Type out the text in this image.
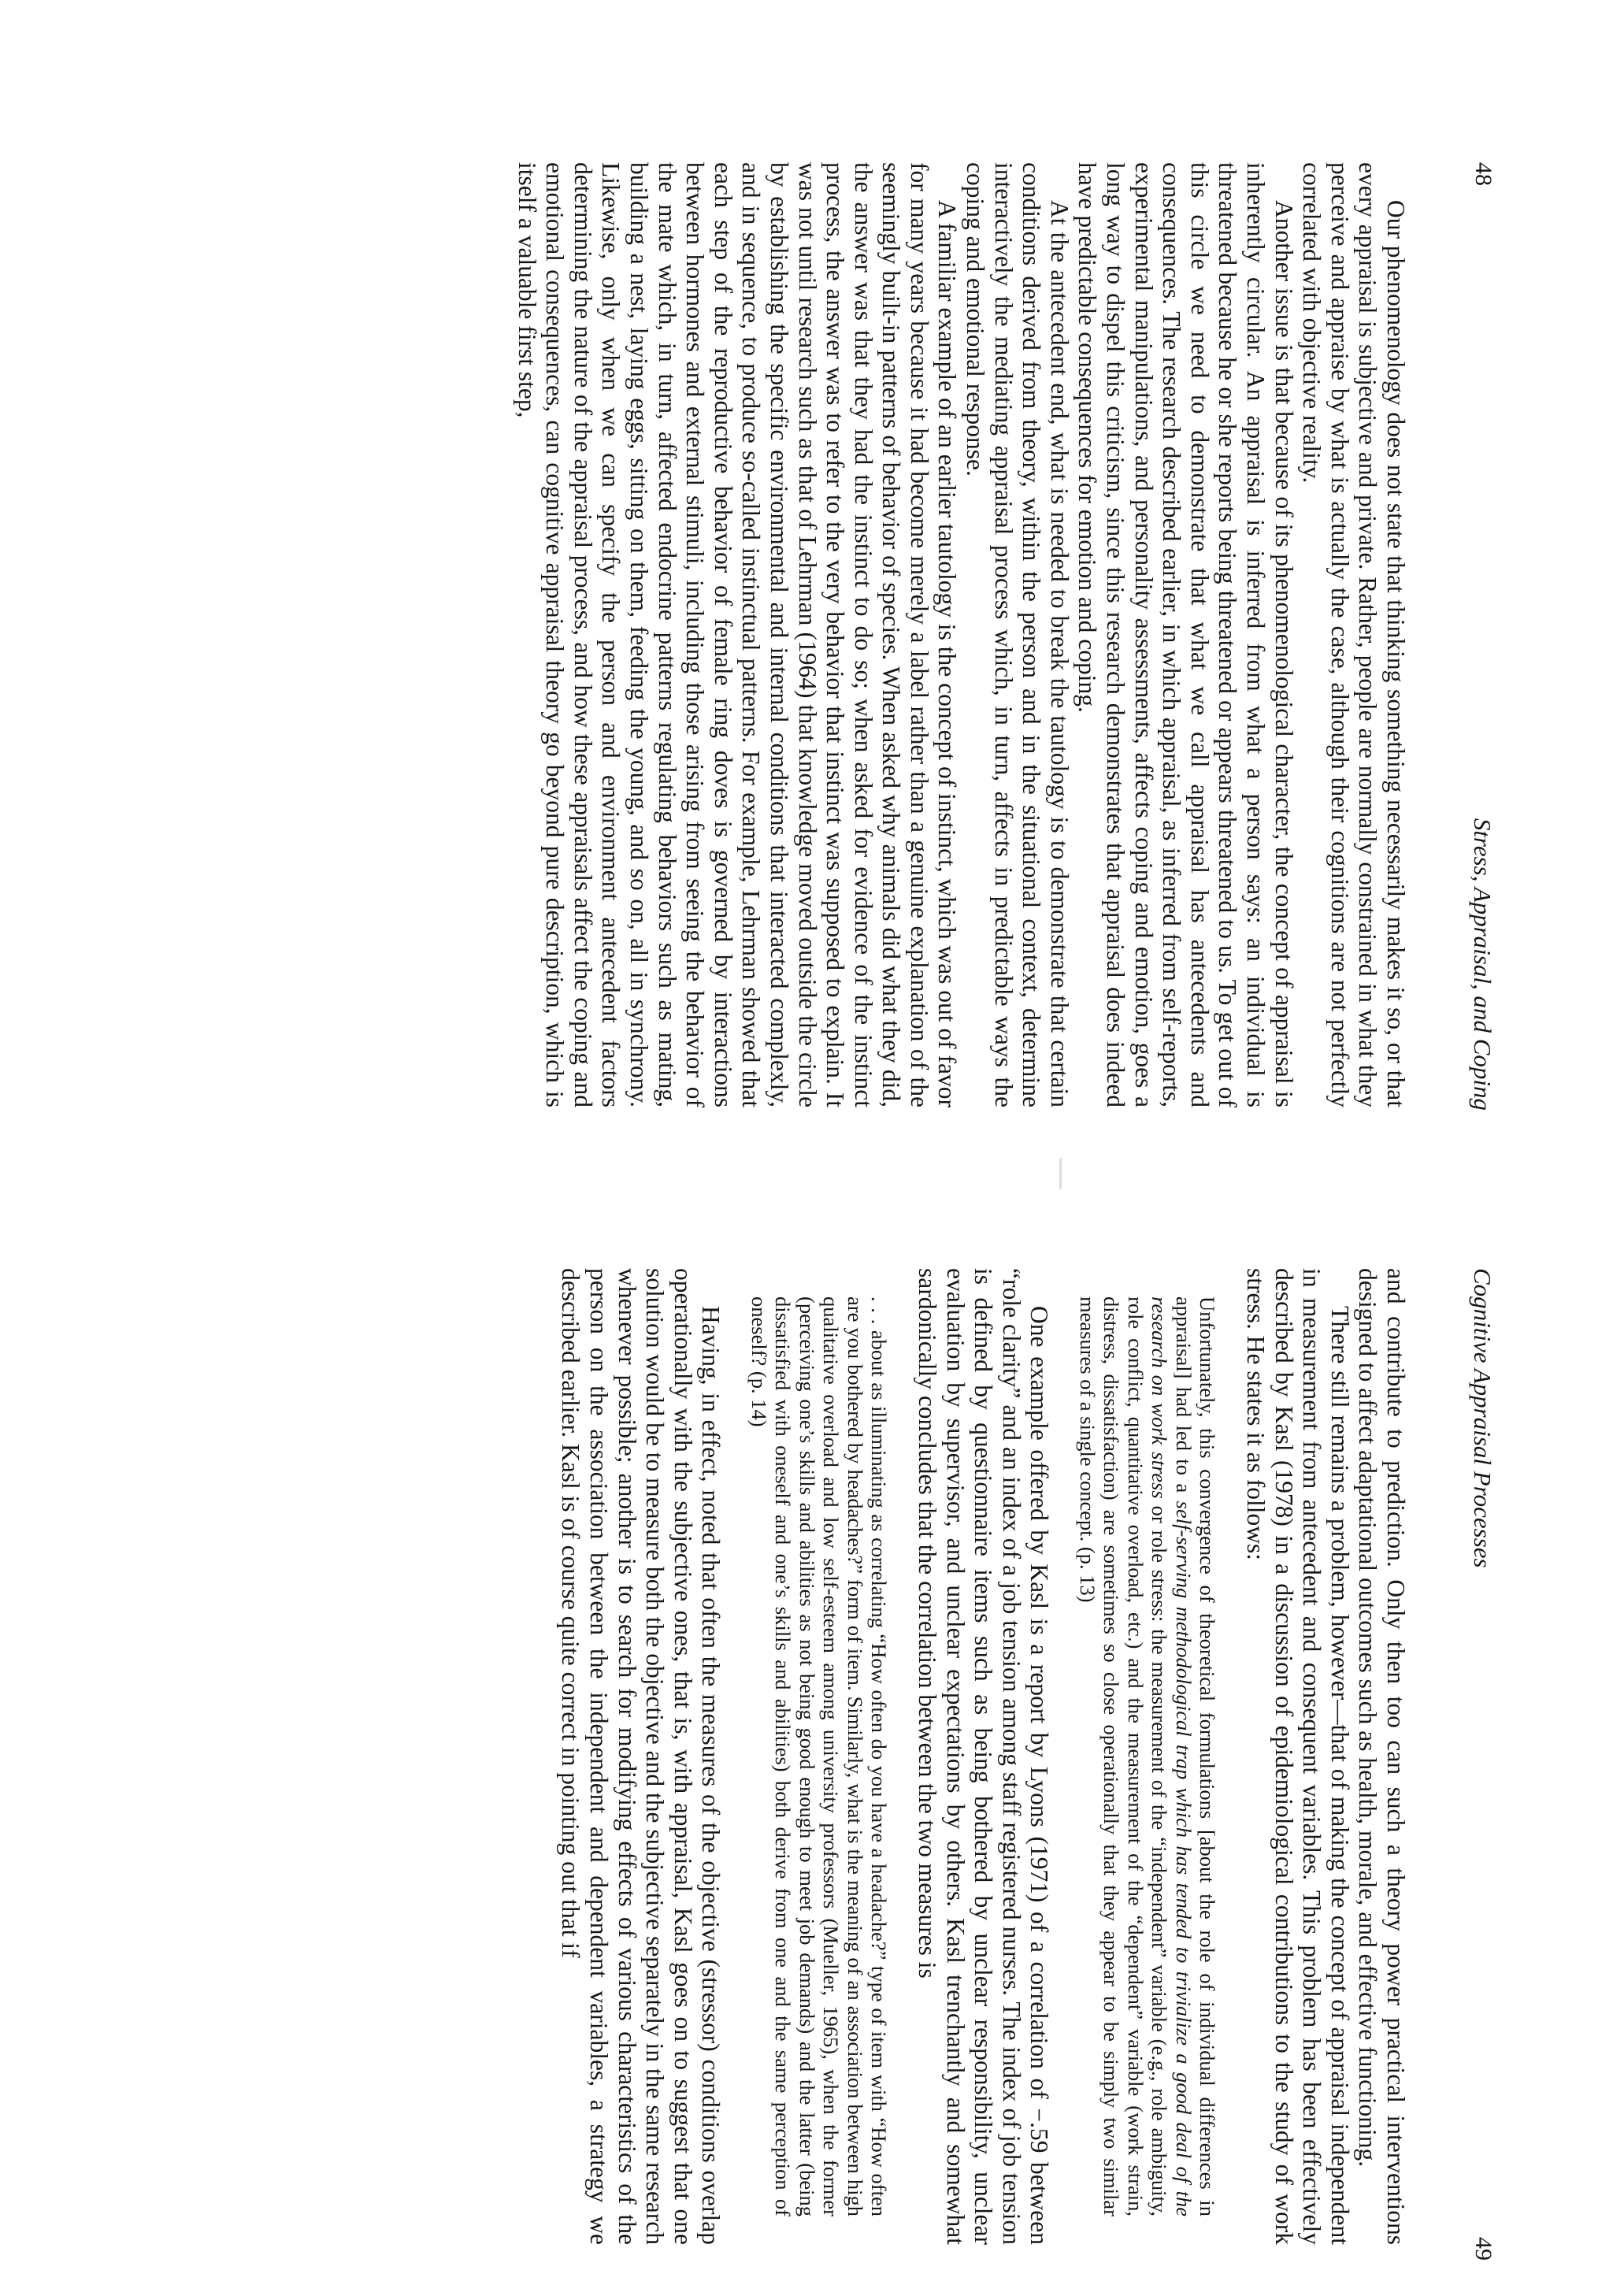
48
Stress, Appraisal, and Coping

Our phenomenology does not state that thinking something necessarily makes it so, or that every appraisal is subjective and private. Rather, people are normally constrained in what they perceive and appraise by what is actually the case, although their cognitions are not perfectly correlated with objective reality.

Another issue is that because of its phenomenological character, the concept of appraisal is inherently circular. An appraisal is inferred from what a person says: an individual is threatened because he or she reports being threatened or appears threatened to us. To get out of this circle we need to demonstrate that what we call appraisal has antecedents and consequences. The research described earlier, in which appraisal, as inferred from self-reports, experimental manipulations, and personality assessments, affects coping and emotion, goes a long way to dispel this criticism, since this research demonstrates that appraisal does indeed have predictable consequences for emotion and coping.

At the antecedent end, what is needed to break the tautology is to demonstrate that certain conditions derived from theory, within the person and in the situational context, determine interactively the mediating appraisal process which, in turn, affects in predictable ways the coping and emotional response.

A familiar example of an earlier tautology is the concept of instinct, which was out of favor for many years because it had become merely a label rather than a genuine explanation of the seemingly built-in patterns of behavior of species. When asked why animals did what they did, the answer was that they had the instinct to do so; when asked for evidence of the instinct process, the answer was to refer to the very behavior that instinct was supposed to explain. It was not until research such as that of Lehrman (1964) that knowledge moved outside the circle by establishing the specific environmental and internal conditions that interacted complexly, and in sequence, to produce so-called instinctual patterns. For example, Lehrman showed that each step of the reproductive behavior of female ring doves is governed by interactions between hormones and external stimuli, including those arising from seeing the behavior of the mate which, in turn, affected endocrine patterns regulating behaviors such as mating, building a nest, laying eggs, sitting on them, feeding the young, and so on, all in synchrony. Likewise, only when we can specify the person and environment antecedent factors determining the nature of the appraisal process, and how these appraisals affect the coping and emotional consequences, can cognitive appraisal theory go beyond pure description, which is itself a valuable first step,

Cognitive Appraisal Processes
49

and contribute to prediction. Only then too can such a theory power practical interventions designed to affect adaptational outcomes such as health, morale, and effective functioning.

There still remains a problem, however—that of making the concept of appraisal independent in measurement from antecedent and consequent variables. This problem has been effectively described by Kasl (1978) in a discussion of epidemiological contributions to the study of work stress. He states it as follows:

Unfortunately, this convergence of theoretical formulations [about the role of individual differences in appraisal] had led to a self-serving methodological trap which has tended to trivialize a good deal of the research on work stress or role stress: the measurement of the “independent” variable (e.g., role ambiguity, role conflict, quantitative overload, etc.) and the measurement of the “dependent” variable (work strain, distress, dissatisfaction) are sometimes so close operationally that they appear to be simply two similar measures of a single concept. (p. 13)

One example offered by Kasl is a report by Lyons (1971) of a correlation of −.59 between “role clarity” and an index of a job tension among staff registered nurses. The index of job tension is defined by questionnaire items such as being bothered by unclear responsibility, unclear evaluation by supervisor, and unclear expectations by others. Kasl trenchantly and somewhat sardonically concludes that the correlation between the two measures is

. . . about as illuminating as correlating “How often do you have a headache?” type of item with “How often are you bothered by headaches?” form of item. Similarly, what is the meaning of an association between high qualitative overload and low self-esteem among university professors (Mueller, 1965), when the former (perceiving one’s skills and abilities as not being good enough to meet job demands) and the latter (being dissatisfied with oneself and one’s skills and abilities) both derive from one and the same perception of oneself? (p. 14)

Having, in effect, noted that often the measures of the objective (stressor) conditions overlap operationally with the subjective ones, that is, with appraisal, Kasl goes on to suggest that one solution would be to measure both the objective and the subjective separately in the same research whenever possible; another is to search for modifying effects of various characteristics of the person on the association between the independent and dependent variables, a strategy we described earlier. Kasl is of course quite correct in pointing out that if
